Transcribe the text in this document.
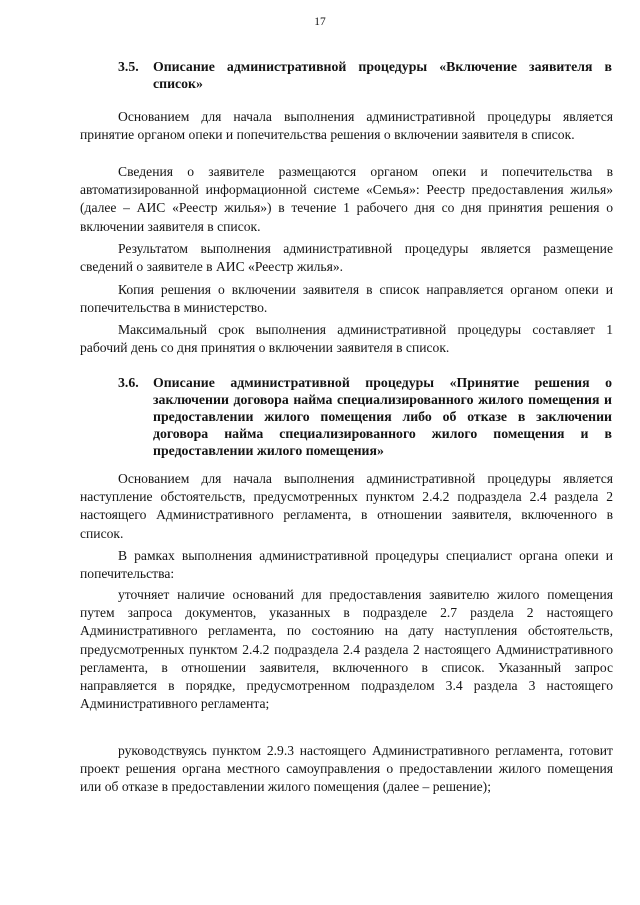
17
3.5. Описание административной процедуры «Включение заявителя в список»

Основанием для начала выполнения административной процедуры является принятие органом опеки и попечительства решения о включении заявителя в список.

Сведения о заявителе размещаются органом опеки и попечительства в автоматизированной информационной системе «Семья»: Реестр предоставления жилья» (далее – АИС «Реестр жилья») в течение 1 рабочего дня со дня принятия решения о включении заявителя в список.

Результатом выполнения административной процедуры является размещение сведений о заявителе в АИС «Реестр жилья».

Копия решения о включении заявителя в список направляется органом опеки и попечительства в министерство.

Максимальный срок выполнения административной процедуры составляет 1 рабочий день со дня принятия о включении заявителя в список.

3.6. Описание административной процедуры «Принятие решения о заключении договора найма специализированного жилого помещения и предоставлении жилого помещения либо об отказе в заключении договора найма специализированного жилого помещения и в предоставлении жилого помещения»

Основанием для начала выполнения административной процедуры является наступление обстоятельств, предусмотренных пунктом 2.4.2 подраздела 2.4 раздела 2 настоящего Административного регламента, в отношении заявителя, включенного в список.

В рамках выполнения административной процедуры специалист органа опеки и попечительства:

уточняет наличие оснований для предоставления заявителю жилого помещения путем запроса документов, указанных в подразделе 2.7 раздела 2 настоящего Административного регламента, по состоянию на дату наступления обстоятельств, предусмотренных пунктом 2.4.2 подраздела 2.4 раздела 2 настоящего Административного регламента, в отношении заявителя, включенного в список. Указанный запрос направляется в порядке, предусмотренном подразделом 3.4 раздела 3 настоящего Административного регламента;

руководствуясь пунктом 2.9.3 настоящего Административного регламента, готовит проект решения органа местного самоуправления о предоставлении жилого помещения или об отказе в предоставлении жилого помещения (далее – решение);
